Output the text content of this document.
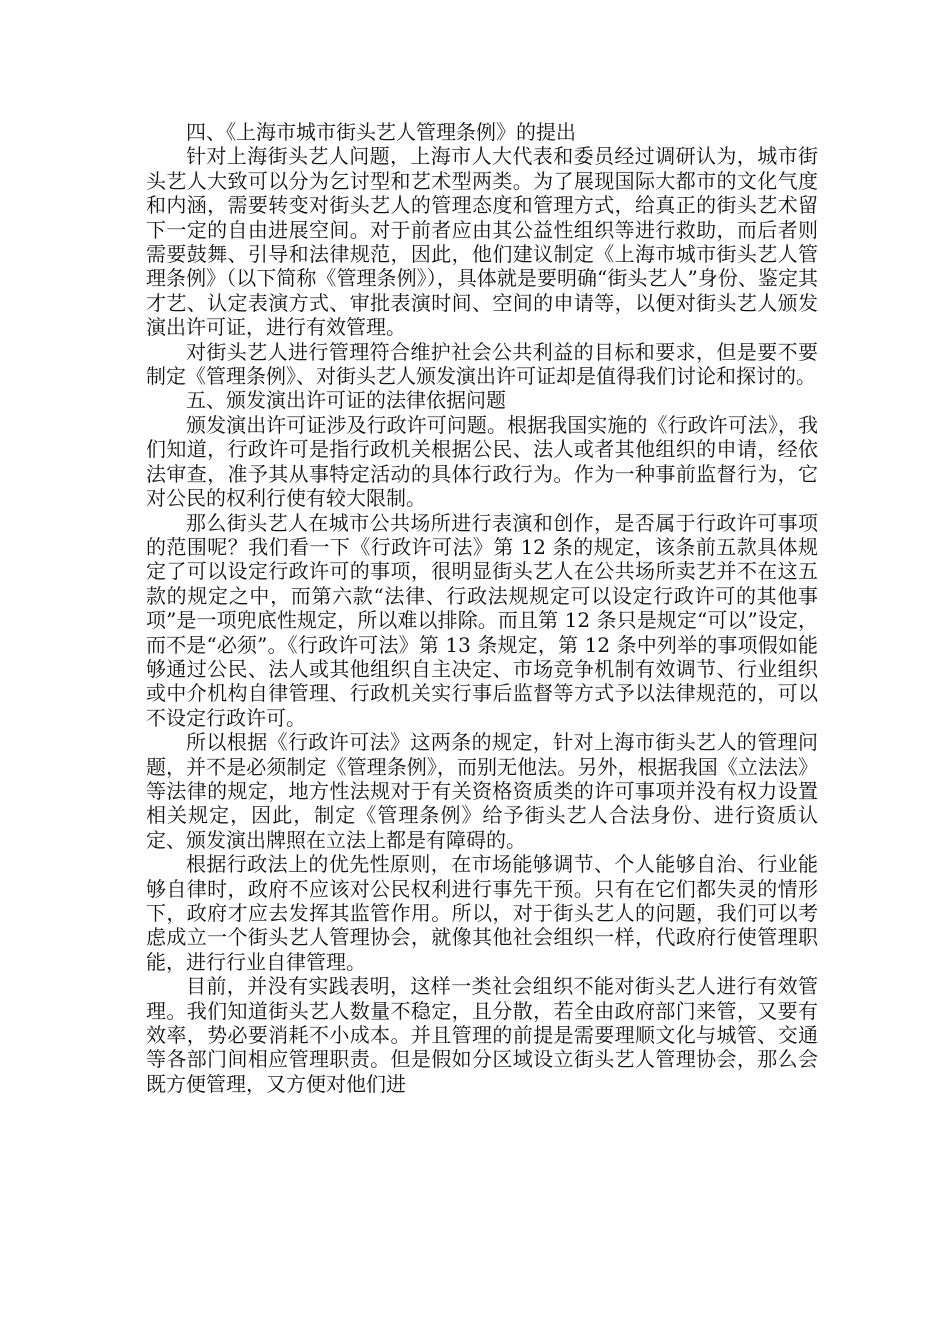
四、《上海市城市街头艺人管理条例》的提出

针对上海街头艺人问题，上海市人大代表和委员经过调研认为，城市街头艺人大致可以分为乞讨型和艺术型两类。为了展现国际大都市的文化气度和内涵，需要转变对街头艺人的管理态度和管理方式，给真正的街头艺术留下一定的自由进展空间。对于前者应由其公益性组织等进行救助，而后者则需要鼓舞、引导和法律规范，因此，他们建议制定《上海市城市街头艺人管理条例》（以下简称《管理条例》），具体就是要明确“街头艺人”身份、鉴定其才艺、认定表演方式、审批表演时间、空间的申请等，以便对街头艺人颁发演出许可证，进行有效管理。

对街头艺人进行管理符合维护社会公共利益的目标和要求，但是要不要制定《管理条例》、对街头艺人颁发演出许可证却是值得我们讨论和探讨的。

五、颁发演出许可证的法律依据问题

颁发演出许可证涉及行政许可问题。根据我国实施的《行政许可法》，我们知道，行政许可是指行政机关根据公民、法人或者其他组织的申请，经依法审查，准予其从事特定活动的具体行政行为。作为一种事前监督行为，它对公民的权利行使有较大限制。

那么街头艺人在城市公共场所进行表演和创作，是否属于行政许可事项的范围呢？我们看一下《行政许可法》第 12 条的规定，该条前五款具体规定了可以设定行政许可的事项，很明显街头艺人在公共场所卖艺并不在这五款的规定之中，而第六款“法律、行政法规规定可以设定行政许可的其他事项”是一项兜底性规定，所以难以排除。而且第 12 条只是规定“可以”设定，而不是“必须”。《行政许可法》第 13 条规定，第 12 条中列举的事项假如能够通过公民、法人或其他组织自主决定、市场竞争机制有效调节、行业组织或中介机构自律管理、行政机关实行事后监督等方式予以法律规范的，可以不设定行政许可。

所以根据《行政许可法》这两条的规定，针对上海市街头艺人的管理问题，并不是必须制定《管理条例》，而别无他法。另外，根据我国《立法法》等法律的规定，地方性法规对于有关资格资质类的许可事项并没有权力设置相关规定，因此，制定《管理条例》给予街头艺人合法身份、进行资质认定、颁发演出牌照在立法上都是有障碍的。

根据行政法上的优先性原则，在市场能够调节、个人能够自治、行业能够自律时，政府不应该对公民权利进行事先干预。只有在它们都失灵的情形下，政府才应去发挥其监管作用。所以，对于街头艺人的问题，我们可以考虑成立一个街头艺人管理协会，就像其他社会组织一样，代政府行使管理职能，进行行业自律管理。

目前，并没有实践表明，这样一类社会组织不能对街头艺人进行有效管理。我们知道街头艺人数量不稳定，且分散，若全由政府部门来管，又要有效率，势必要消耗不小成本。并且管理的前提是需要理顺文化与城管、交通等各部门间相应管理职责。但是假如分区域设立街头艺人管理协会，那么会既方便管理，又方便对他们进
